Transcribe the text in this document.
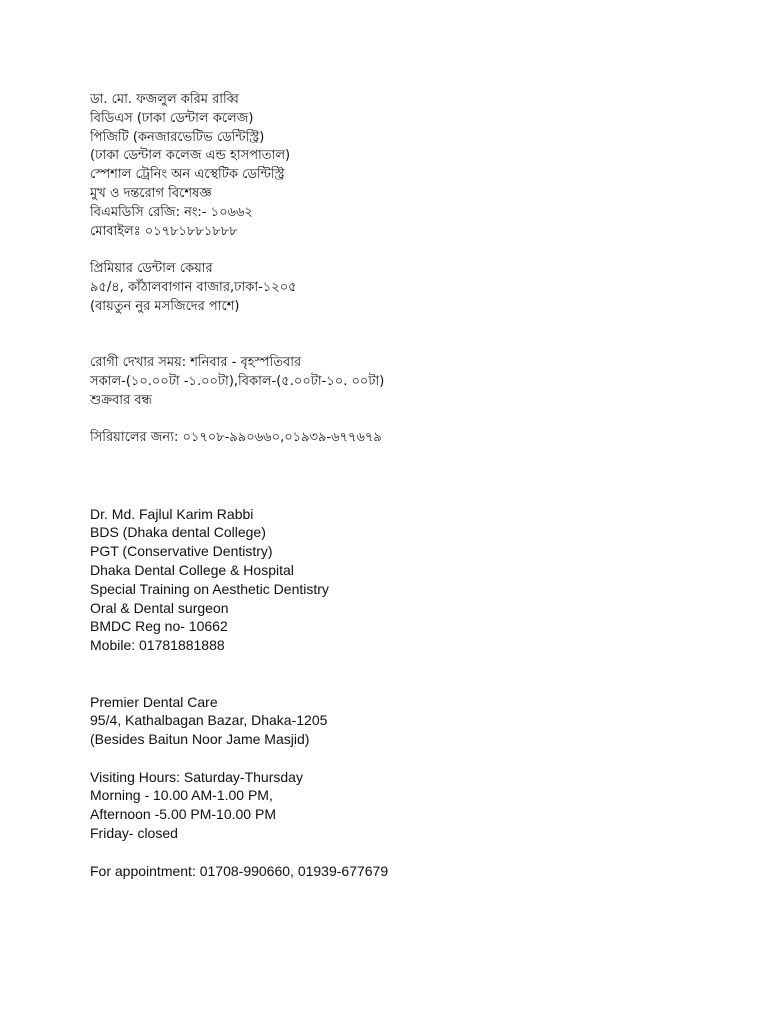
ডা. মো. ফজলুল করিম রাব্বি
বিডিএস (ঢাকা ডেন্টাল কলেজ)
পিজিটি (কনজারভেটিভ ডেন্টিস্ট্রি)
(ঢাকা ডেন্টাল কলেজ এন্ড হাসপাতাল)
স্পেশাল ট্রেনিং অন এস্থেটিক ডেন্টিস্ট্রি
মুখ ও দন্তরোগ বিশেষজ্ঞ
বিএমডিসি রেজি: নং:- ১০৬৬২
মোবাইলঃ ০১৭৮১৮৮১৮৮৮
প্রিমিয়ার ডেন্টাল কেয়ার
৯৫/৪, কাঁঠালবাগান বাজার,ঢাকা-১২০৫
(বায়তুন নুর মসজিদের পাশে)
রোগী দেখার সময়: শনিবার - বৃহস্পতিবার
সকাল-(১০.০০টা -১.০০টা),বিকাল-(৫.০০টা-১০. ০০টা)
শুক্রবার বন্ধ
সিরিয়ালের জন্য: ০১৭০৮-৯৯০৬৬০,০১৯৩৯-৬৭৭৬৭৯
Dr. Md. Fajlul Karim Rabbi
BDS (Dhaka dental College)
PGT (Conservative Dentistry)
Dhaka Dental College & Hospital
Special Training on Aesthetic Dentistry
Oral & Dental surgeon
BMDC Reg no- 10662
Mobile: 01781881888
Premier Dental Care
95/4, Kathalbagan Bazar, Dhaka-1205
(Besides Baitun Noor Jame Masjid)
Visiting Hours: Saturday-Thursday
Morning - 10.00 AM-1.00 PM,
Afternoon -5.00 PM-10.00 PM
Friday- closed
For appointment: 01708-990660, 01939-677679
